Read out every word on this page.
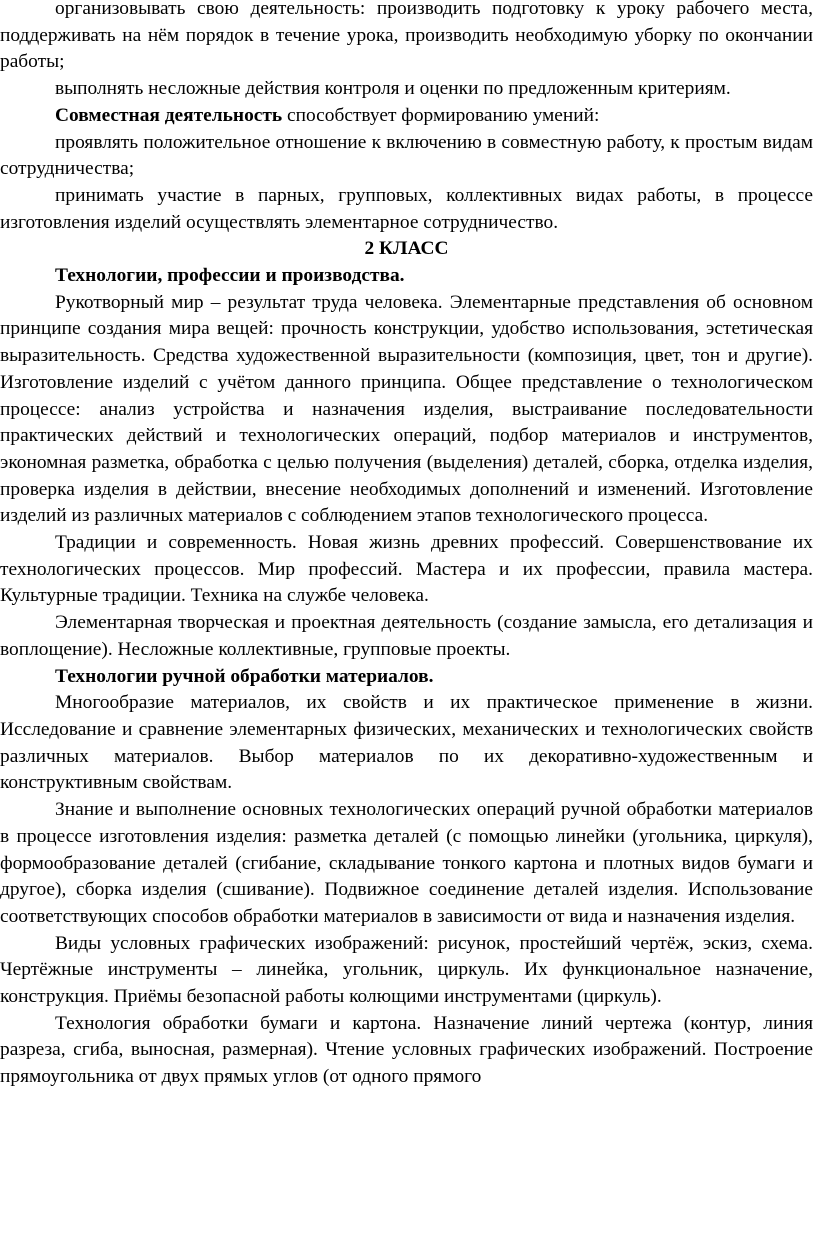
организовывать свою деятельность: производить подготовку к уроку рабочего места, поддерживать на нём порядок в течение урока, производить необходимую уборку по окончании работы;

выполнять несложные действия контроля и оценки по предложенным критериям.

Совместная деятельность способствует формированию умений:

проявлять положительное отношение к включению в совместную работу, к простым видам сотрудничества;

принимать участие в парных, групповых, коллективных видах работы, в процессе изготовления изделий осуществлять элементарное сотрудничество.

2 КЛАСС

Технологии, профессии и производства.

Рукотворный мир – результат труда человека. Элементарные представления об основном принципе создания мира вещей: прочность конструкции, удобство использования, эстетическая выразительность. Средства художественной выразительности (композиция, цвет, тон и другие). Изготовление изделий с учётом данного принципа. Общее представление о технологическом процессе: анализ устройства и назначения изделия, выстраивание последовательности практических действий и технологических операций, подбор материалов и инструментов, экономная разметка, обработка с целью получения (выделения) деталей, сборка, отделка изделия, проверка изделия в действии, внесение необходимых дополнений и изменений. Изготовление изделий из различных материалов с соблюдением этапов технологического процесса.

Традиции и современность. Новая жизнь древних профессий. Совершенствование их технологических процессов. Мир профессий. Мастера и их профессии, правила мастера. Культурные традиции. Техника на службе человека.

Элементарная творческая и проектная деятельность (создание замысла, его детализация и воплощение). Несложные коллективные, групповые проекты.

Технологии ручной обработки материалов.

Многообразие материалов, их свойств и их практическое применение в жизни. Исследование и сравнение элементарных физических, механических и технологических свойств различных материалов. Выбор материалов по их декоративно-художественным и конструктивным свойствам.

Знание и выполнение основных технологических операций ручной обработки материалов в процессе изготовления изделия: разметка деталей (с помощью линейки (угольника, циркуля), формообразование деталей (сгибание, складывание тонкого картона и плотных видов бумаги и другое), сборка изделия (сшивание). Подвижное соединение деталей изделия. Использование соответствующих способов обработки материалов в зависимости от вида и назначения изделия.

Виды условных графических изображений: рисунок, простейший чертёж, эскиз, схема. Чертёжные инструменты – линейка, угольник, циркуль. Их функциональное назначение, конструкция. Приёмы безопасной работы колющими инструментами (циркуль).

Технология обработки бумаги и картона. Назначение линий чертежа (контур, линия разреза, сгиба, выносная, размерная). Чтение условных графических изображений. Построение прямоугольника от двух прямых углов (от одного прямого
